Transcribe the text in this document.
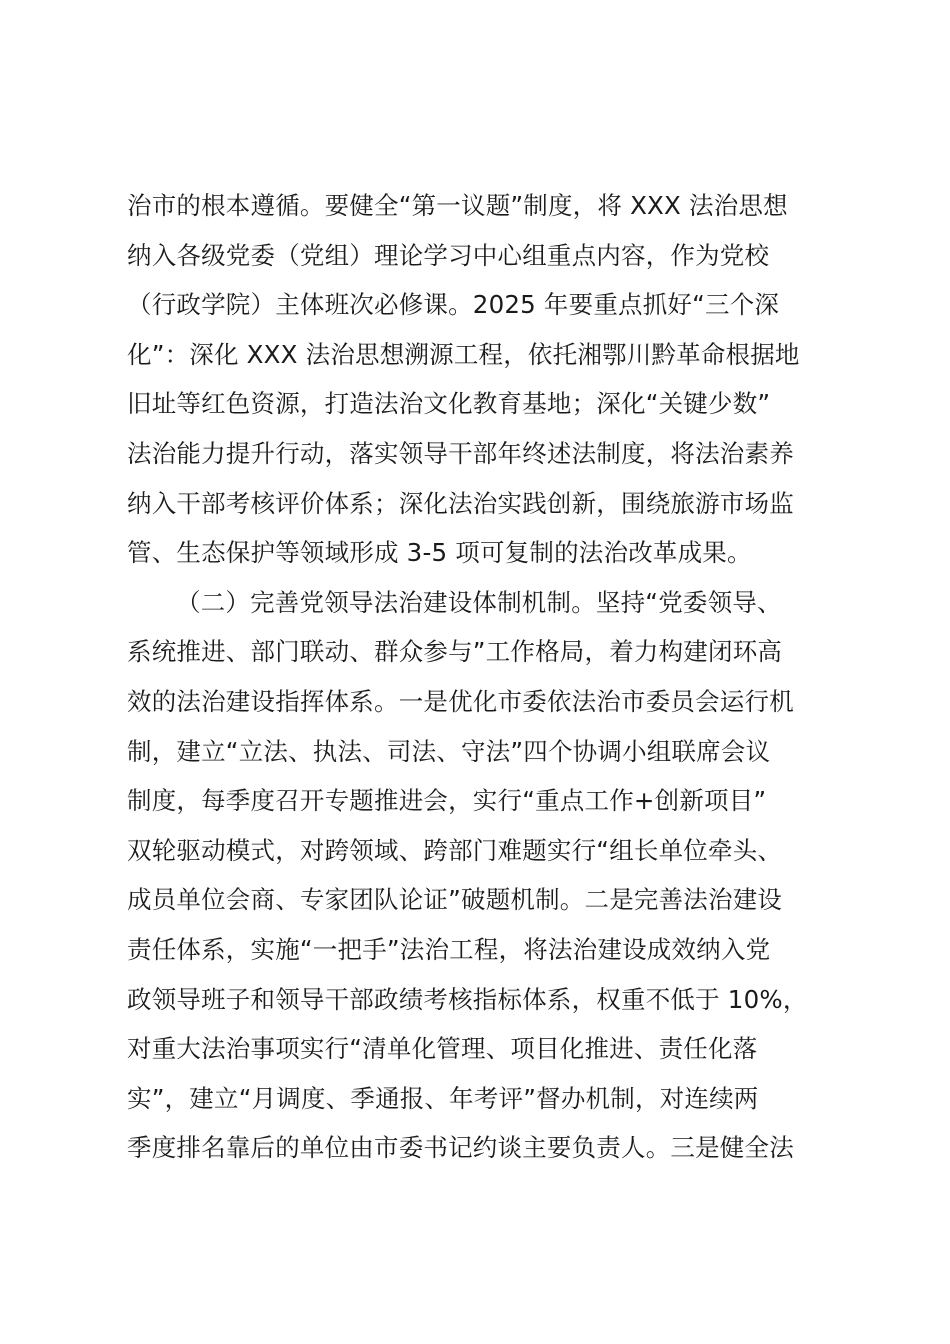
治市的根本遵循。要健全“第一议题”制度，将 XXX 法治思想
纳入各级党委（党组）理论学习中心组重点内容，作为党校
（行政学院）主体班次必修课。2025 年要重点抓好“三个深
化”：深化 XXX 法治思想溯源工程，依托湘鄂川黔革命根据地
旧址等红色资源，打造法治文化教育基地；深化“关键少数”
法治能力提升行动，落实领导干部年终述法制度，将法治素养
纳入干部考核评价体系；深化法治实践创新，围绕旅游市场监
管、生态保护等领域形成 3-5 项可复制的法治改革成果。
（二）完善党领导法治建设体制机制。坚持“党委领导、
系统推进、部门联动、群众参与”工作格局，着力构建闭环高
效的法治建设指挥体系。一是优化市委依法治市委员会运行机
制，建立“立法、执法、司法、守法”四个协调小组联席会议
制度，每季度召开专题推进会，实行“重点工作+创新项目”
双轮驱动模式，对跨领域、跨部门难题实行“组长单位牵头、
成员单位会商、专家团队论证”破题机制。二是完善法治建设
责任体系，实施“一把手”法治工程，将法治建设成效纳入党
政领导班子和领导干部政绩考核指标体系，权重不低于 10%，
对重大法治事项实行“清单化管理、项目化推进、责任化落
实”，建立“月调度、季通报、年考评”督办机制，对连续两
季度排名靠后的单位由市委书记约谈主要负责人。三是健全法
